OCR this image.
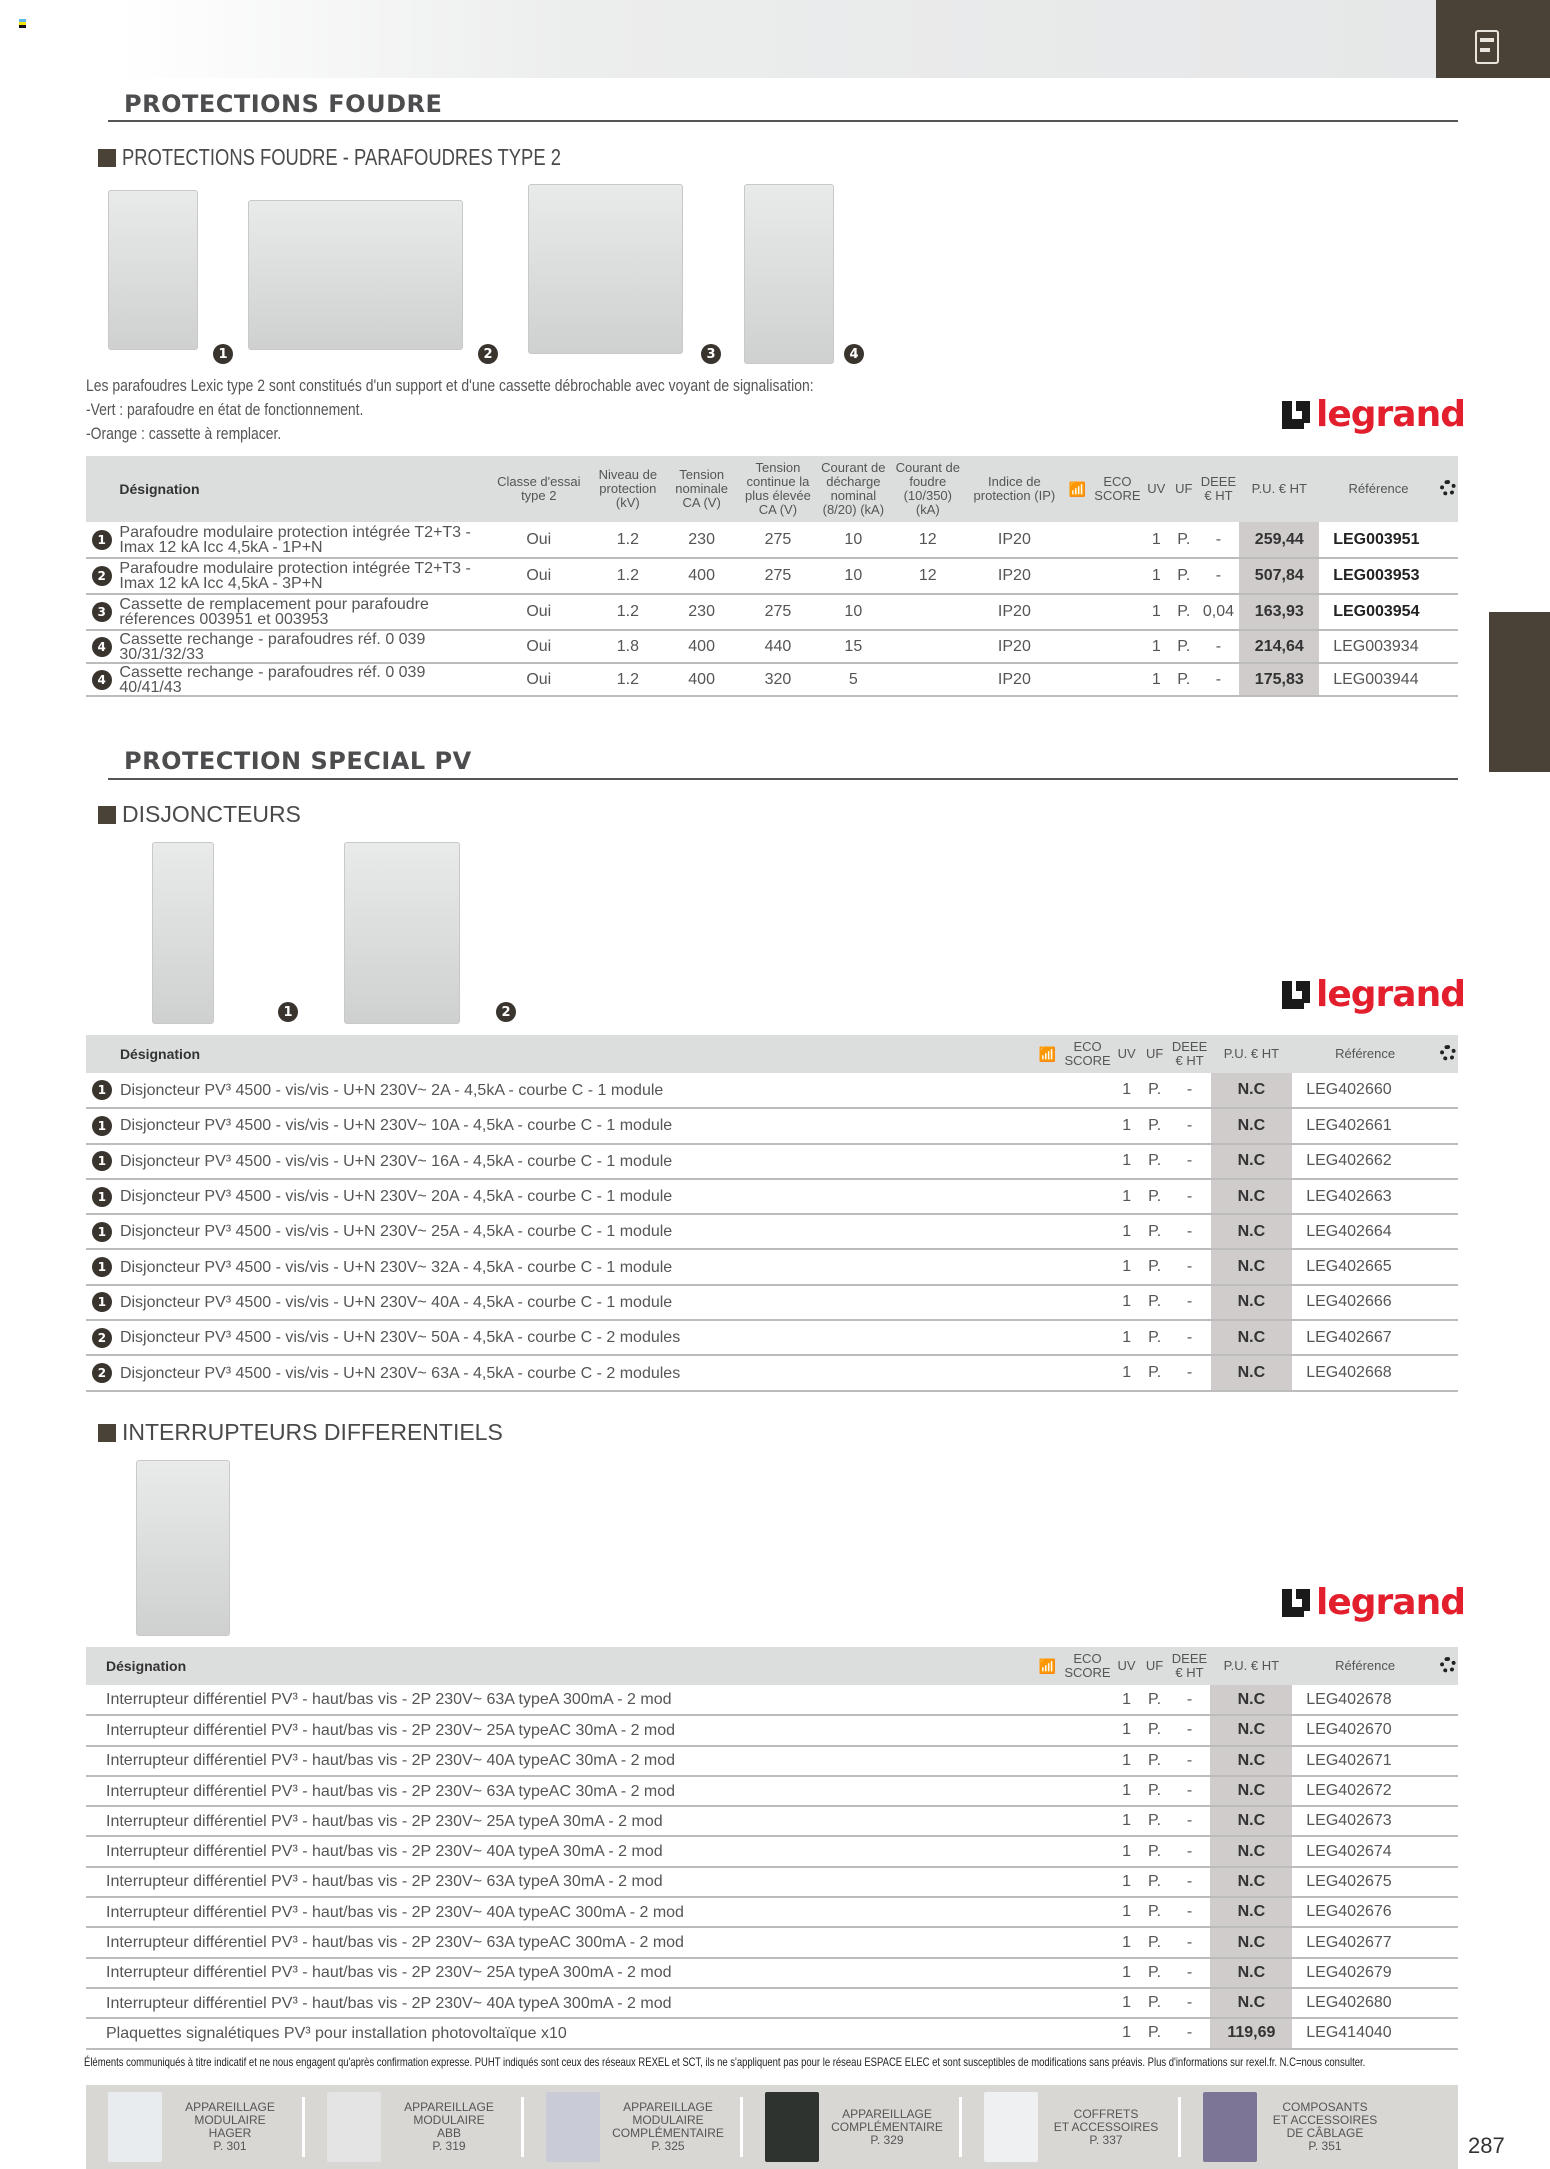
PROTECTIONS FOUDRE
PROTECTIONS FOUDRE - PARAFOUDRES TYPE 2
1	2	3	4
Les parafoudres Lexic type 2 sont constitués d'un support et d'une cassette débrochable avec voyant de signalisation:
-Vert : parafoudre en état de fonctionnement.
-Orange : cassette à remplacer.	legrand
	Désignation	Classe d'essai type 2	Niveau de protection (kV)	Tension nominale CA (V)	Tension continue la plus élevée CA (V)	Courant de décharge nominal (8/20) (kA)	Courant de foudre (10/350) (kA)	Indice de protection (IP)	📶	ECO SCORE	UV	UF	DEEE € HT	P.U. € HT	Référence	
1	Parafoudre modulaire protection intégrée T2+T3 - Imax 12 kA Icc 4,5kA - 1P+N	Oui	1.2	230	275	10	12	IP20			1	P.	-	259,44	LEG003951	
2	Parafoudre modulaire protection intégrée T2+T3 - Imax 12 kA Icc 4,5kA - 3P+N	Oui	1.2	400	275	10	12	IP20			1	P.	-	507,84	LEG003953	
3	Cassette de remplacement pour parafoudre réferences 003951 et 003953	Oui	1.2	230	275	10		IP20			1	P.	0,04	163,93	LEG003954	
4	Cassette rechange - parafoudres réf. 0 039 30/31/32/33	Oui	1.8	400	440	15		IP20			1	P.	-	214,64	LEG003934	
4	Cassette rechange - parafoudres réf. 0 039 40/41/43	Oui	1.2	400	320	5		IP20			1	P.	-	175,83	LEG003944	
PROTECTION SPECIAL PV
DISJONCTEURS
1	2	legrand
	Désignation	📶	ECO SCORE	UV	UF	DEEE € HT	P.U. € HT	Référence	
1	Disjoncteur PV³ 4500 - vis/vis - U+N 230V~ 2A - 4,5kA - courbe C - 1 module			1	P.	-	N.C	LEG402660	
1	Disjoncteur PV³ 4500 - vis/vis - U+N 230V~ 10A - 4,5kA - courbe C - 1 module			1	P.	-	N.C	LEG402661	
1	Disjoncteur PV³ 4500 - vis/vis - U+N 230V~ 16A - 4,5kA - courbe C - 1 module			1	P.	-	N.C	LEG402662	
1	Disjoncteur PV³ 4500 - vis/vis - U+N 230V~ 20A - 4,5kA - courbe C - 1 module			1	P.	-	N.C	LEG402663	
1	Disjoncteur PV³ 4500 - vis/vis - U+N 230V~ 25A - 4,5kA - courbe C - 1 module			1	P.	-	N.C	LEG402664	
1	Disjoncteur PV³ 4500 - vis/vis - U+N 230V~ 32A - 4,5kA - courbe C - 1 module			1	P.	-	N.C	LEG402665	
1	Disjoncteur PV³ 4500 - vis/vis - U+N 230V~ 40A - 4,5kA - courbe C - 1 module			1	P.	-	N.C	LEG402666	
2	Disjoncteur PV³ 4500 - vis/vis - U+N 230V~ 50A - 4,5kA - courbe C - 2 modules			1	P.	-	N.C	LEG402667	
2	Disjoncteur PV³ 4500 - vis/vis - U+N 230V~ 63A - 4,5kA - courbe C - 2 modules			1	P.	-	N.C	LEG402668	
INTERRUPTEURS DIFFERENTIELS
legrand
Désignation	📶	ECO SCORE	UV	UF	DEEE € HT	P.U. € HT	Référence	
Interrupteur différentiel PV³ - haut/bas vis - 2P 230V~ 63A typeA 300mA - 2 mod			1	P.	-	N.C	LEG402678	
Interrupteur différentiel PV³ - haut/bas vis - 2P 230V~ 25A typeAC 30mA - 2 mod			1	P.	-	N.C	LEG402670	
Interrupteur différentiel PV³ - haut/bas vis - 2P 230V~ 40A typeAC 30mA - 2 mod			1	P.	-	N.C	LEG402671	
Interrupteur différentiel PV³ - haut/bas vis - 2P 230V~ 63A typeAC 30mA - 2 mod			1	P.	-	N.C	LEG402672	
Interrupteur différentiel PV³ - haut/bas vis - 2P 230V~ 25A typeA 30mA - 2 mod			1	P.	-	N.C	LEG402673	
Interrupteur différentiel PV³ - haut/bas vis - 2P 230V~ 40A typeA 30mA - 2 mod			1	P.	-	N.C	LEG402674	
Interrupteur différentiel PV³ - haut/bas vis - 2P 230V~ 63A typeA 30mA - 2 mod			1	P.	-	N.C	LEG402675	
Interrupteur différentiel PV³ - haut/bas vis - 2P 230V~ 40A typeAC 300mA - 2 mod			1	P.	-	N.C	LEG402676	
Interrupteur différentiel PV³ - haut/bas vis - 2P 230V~ 63A typeAC 300mA - 2 mod			1	P.	-	N.C	LEG402677	
Interrupteur différentiel PV³ - haut/bas vis - 2P 230V~ 25A typeA 300mA - 2 mod			1	P.	-	N.C	LEG402679	
Interrupteur différentiel PV³ - haut/bas vis - 2P 230V~ 40A typeA 300mA - 2 mod			1	P.	-	N.C	LEG402680	
Plaquettes signalétiques PV³ pour installation photovoltaïque x10			1	P.	-	119,69	LEG414040	
Éléments communiqués à titre indicatif et ne nous engagent qu'après confirmation expresse. PUHT indiqués sont ceux des réseaux REXEL et SCT, ils ne s'appliquent pas pour le réseau ESPACE ELEC et sont susceptibles de modifications sans préavis. Plus d'informations sur rexel.fr. N.C=nous consulter.
APPAREILLAGE
MODULAIRE
HAGER
P. 301
APPAREILLAGE
MODULAIRE
ABB
P. 319
APPAREILLAGE
MODULAIRE
COMPLÉMENTAIRE
P. 325
APPAREILLAGE
COMPLÉMENTAIRE
P. 329
COFFRETS
ET ACCESSOIRES
P. 337
COMPOSANTS
ET ACCESSOIRES
DE CÂBLAGE
P. 351	287
